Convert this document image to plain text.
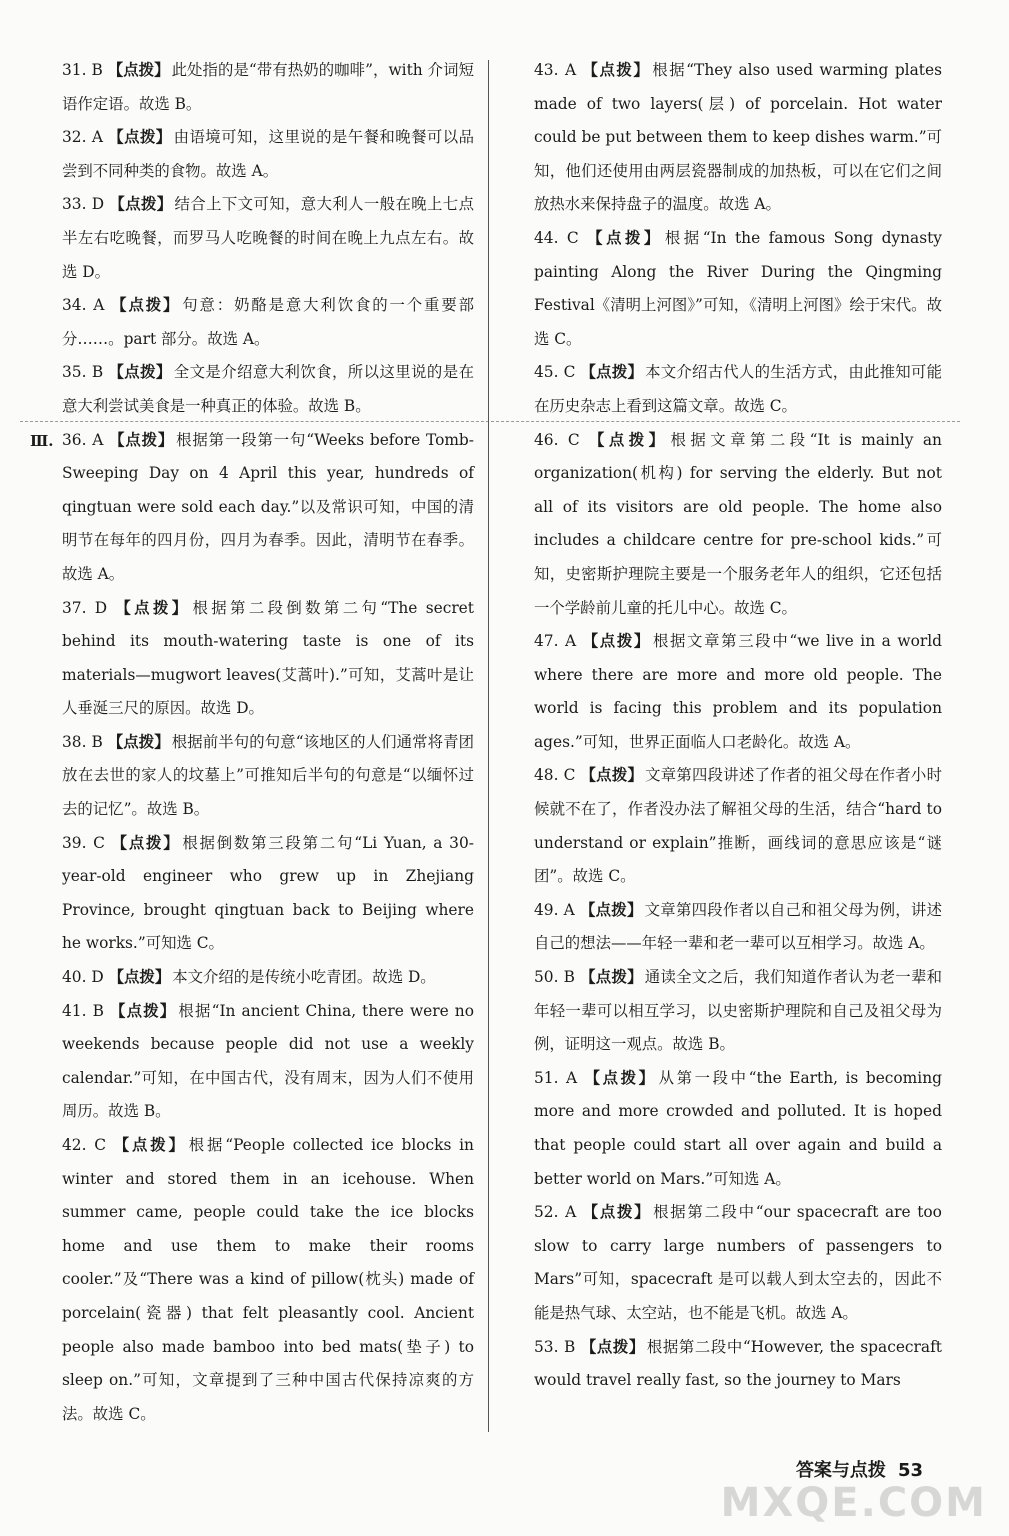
Ⅲ.
31. B 【点拨】 此处指的是“带有热奶的咖啡”，with 介词短语作定语。故选 B。
32. A 【点拨】 由语境可知，这里说的是午餐和晚餐可以品尝到不同种类的食物。故选 A。
33. D 【点拨】 结合上下文可知，意大利人一般在晚上七点半左右吃晚餐，而罗马人吃晚餐的时间在晚上九点左右。故选 D。
34. A 【点拨】 句意：奶酪是意大利饮食的一个重要部分……。part 部分。故选 A。
35. B 【点拨】 全文是介绍意大利饮食，所以这里说的是在意大利尝试美食是一种真正的体验。故选 B。
36. A 【点拨】 根据第一段第一句“Weeks before Tomb-Sweeping Day on 4 April this year, hundreds of qingtuan were sold each day.”以及常识可知，中国的清明节在每年的四月份，四月为春季。因此，清明节在春季。故选 A。
37. D 【点拨】 根据第二段倒数第二句“The secret behind its mouth-watering taste is one of its materials—mugwort leaves(艾蒿叶).”可知，艾蒿叶是让人垂涎三尺的原因。故选 D。
38. B 【点拨】 根据前半句的句意“该地区的人们通常将青团放在去世的家人的坟墓上”可推知后半句的句意是“以缅怀过去的记忆”。故选 B。
39. C 【点拨】 根据倒数第三段第二句“Li Yuan, a 30-year-old engineer who grew up in Zhejiang Province, brought qingtuan back to Beijing where he works.”可知选 C。
40. D 【点拨】 本文介绍的是传统小吃青团。故选 D。
41. B 【点拨】 根据“In ancient China, there were no weekends because people did not use a weekly calendar.”可知，在中国古代，没有周末，因为人们不使用周历。故选 B。
42. C 【点拨】 根据“People collected ice blocks in winter and stored them in an icehouse. When summer came, people could take the ice blocks home and use them to make their rooms cooler.”及“There was a kind of pillow(枕头) made of porcelain(瓷器) that felt pleasantly cool. Ancient people also made bamboo into bed mats(垫子) to sleep on.”可知，文章提到了三种中国古代保持凉爽的方法。故选 C。
43. A 【点拨】 根据“They also used warming plates made of two layers(层) of porcelain. Hot water could be put between them to keep dishes warm.”可知，他们还使用由两层瓷器制成的加热板，可以在它们之间放热水来保持盘子的温度。故选 A。
44. C 【点拨】 根据“In the famous Song dynasty painting Along the River During the Qingming Festival《清明上河图》”可知，《清明上河图》绘于宋代。故选 C。
45. C 【点拨】 本文介绍古代人的生活方式，由此推知可能在历史杂志上看到这篇文章。故选 C。
46. C 【点拨】 根据文章第二段“It is mainly an organization(机构) for serving the elderly. But not all of its visitors are old people. The home also includes a childcare centre for pre-school kids.”可知，史密斯护理院主要是一个服务老年人的组织，它还包括一个学龄前儿童的托儿中心。故选 C。
47. A 【点拨】 根据文章第三段中“we live in a world where there are more and more old people. The world is facing this problem and its population ages.”可知，世界正面临人口老龄化。故选 A。
48. C 【点拨】 文章第四段讲述了作者的祖父母在作者小时候就不在了，作者没办法了解祖父母的生活，结合“hard to understand or explain”推断，画线词的意思应该是“谜团”。故选 C。
49. A 【点拨】 文章第四段作者以自己和祖父母为例，讲述自己的想法——年轻一辈和老一辈可以互相学习。故选 A。
50. B 【点拨】 通读全文之后，我们知道作者认为老一辈和年轻一辈可以相互学习，以史密斯护理院和自己及祖父母为例，证明这一观点。故选 B。
51. A 【点拨】 从第一段中“the Earth, is becoming more and more crowded and polluted. It is hoped that people could start all over again and build a better world on Mars.”可知选 A。
52. A 【点拨】 根据第二段中“our spacecraft are too slow to carry large numbers of passengers to Mars”可知，spacecraft 是可以载人到太空去的，因此不能是热气球、太空站，也不能是飞机。故选 A。
53. B 【点拨】 根据第二段中“However, the spacecraft would travel really fast, so the journey to Mars
答案与点拨 53
MXQE.COM
